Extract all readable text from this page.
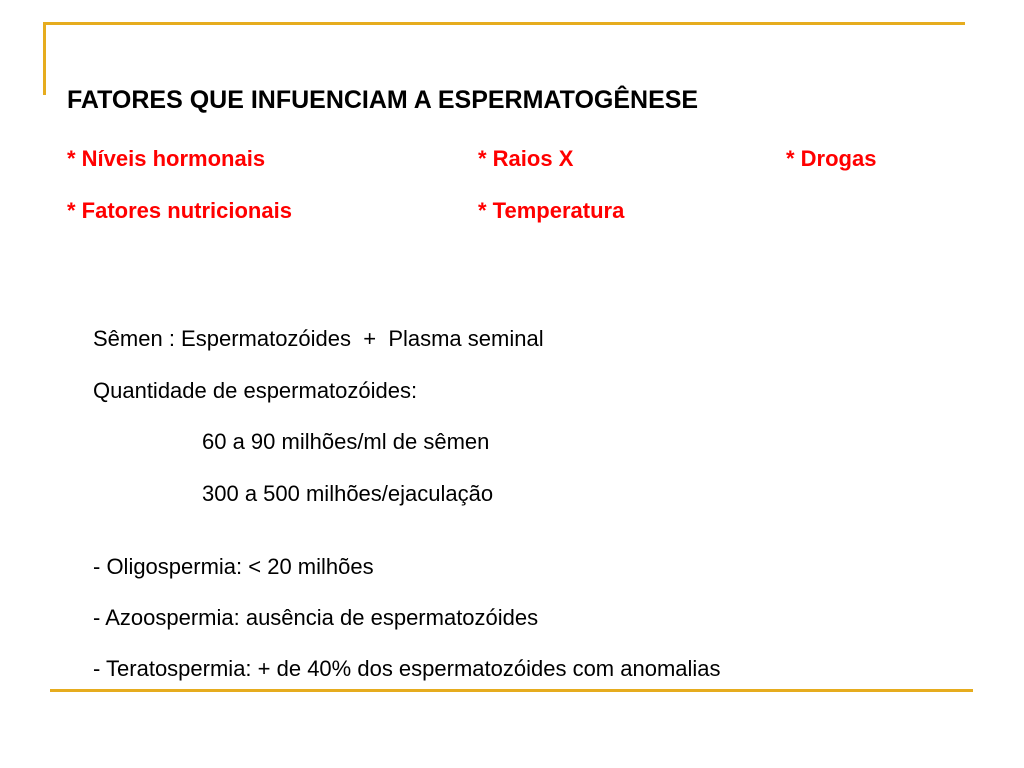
FATORES QUE INFUENCIAM A ESPERMATOGÊNESE
* Níveis hormonais	* Raios X	* Drogas
* Fatores nutricionais	* Temperatura
Sêmen : Espermatozóides  +  Plasma seminal
Quantidade de espermatozóides:
60 a 90 milhões/ml de sêmen
300 a 500 milhões/ejaculação
- Oligospermia: < 20 milhões
- Azoospermia: ausência de espermatozóides
- Teratospermia: + de 40% dos espermatozóides com anomalias
